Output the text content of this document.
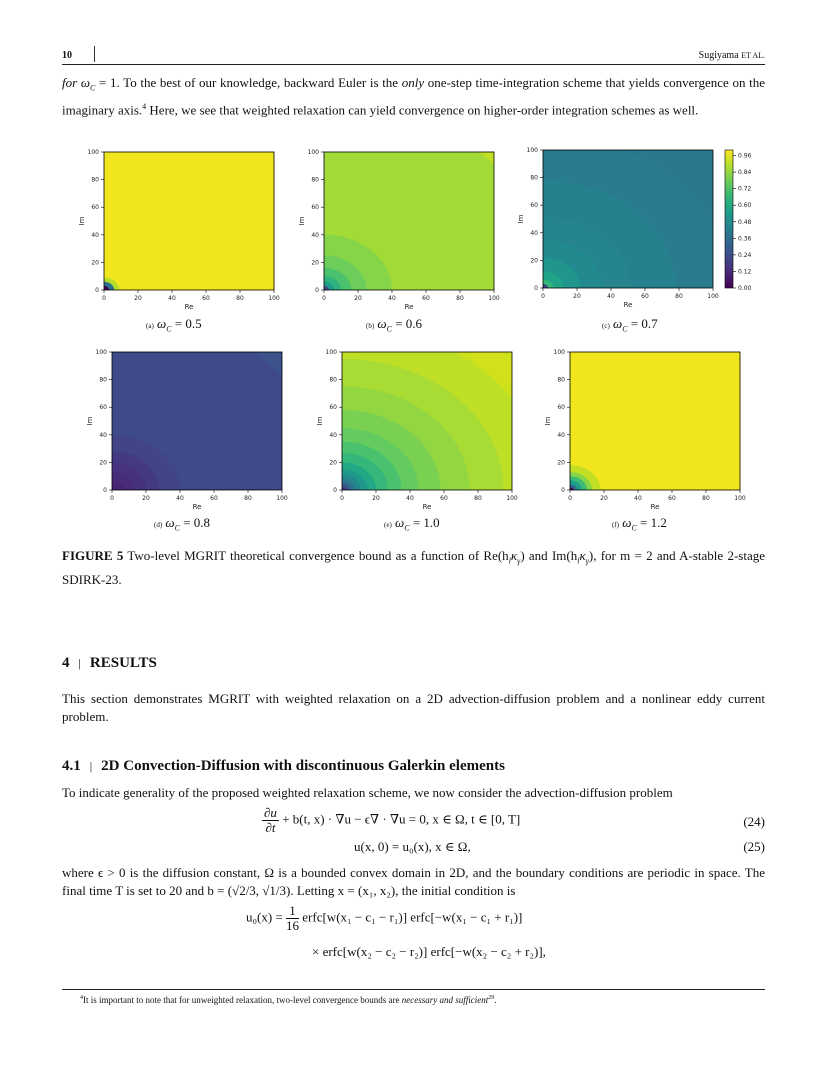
10	Sugiyama ET AL.
for $\omega_C = 1$. To the best of our knowledge, backward Euler is the only one-step time-integration scheme that yields convergence on the imaginary axis.$^4$ Here, we see that weighted relaxation can yield convergence on higher-order integration schemes as well.
0	20	40	60	80	100
0
20
40
60
80
100
Re
Im
0	20	40	60	80	100
0
20
40
60
80
100
Re
Im
0	20	40	60	80	100
0
20
40
60
80
100
Re
Im
0.96
0.84
0.72
0.60
0.48
0.36
0.24
0.12
0.00
0	20	40	60	80	100
0
20
40
60
80
100
Re
Im
0	20	40	60	80	100
0
20
40
60
80
100
Re
Im
0	20	40	60	80	100
0
20
40
60
80
100
Re
Im
(a) $\omega_C = 0.5$	(b) $\omega_C = 0.6$	(c) $\omega_C = 0.7$
(d) $\omega_C = 0.8$	(e) $\omega_C = 1.0$	(f) $\omega_C = 1.2$
FIGURE 5 Two-level MGRIT theoretical convergence bound as a function of $Re(h_l\kappa_\gamma)$ and $Im(h_l\kappa_\gamma)$, for m = 2 and A-stable 2-stage SDIRK-23.
4 | RESULTS
This section demonstrates MGRIT with weighted relaxation on a 2D advection-diffusion problem and a nonlinear eddy current problem.
4.1 | 2D Convection-Diffusion with discontinuous Galerkin elements
To indicate generality of the proposed weighted relaxation scheme, we now consider the advection-diffusion problem
$\frac{\partial u}{\partial t} + b(t$, x) · ∇u − ϵ∇ · ∇u = 0, x ∈ Ω, t ∈ [0, T]	(24)
u(x, 0) = u₀(x), x ∈ Ω,	(25)
where ϵ > 0 is the diffusion constant, Ω is a bounded convex domain in 2D, and the boundary conditions are periodic in space. The final time T is set to 20 and b = (√2/3, √1/3). Letting x = (x₁, x₂), the initial condition is
$u_0(x) = \frac{1}{16}$ erfc[w(x₁ − c₁ − r₁)] erfc[−w(x₁ − c₁ + r₁)]
× erfc[w(x₂ − c₂ − r₂)] erfc[−w(x₂ − c₂ + r₂)],
$^4$It is important to note that for unweighted relaxation, two-level convergence bounds are necessary and sufficient$^{29}$.
